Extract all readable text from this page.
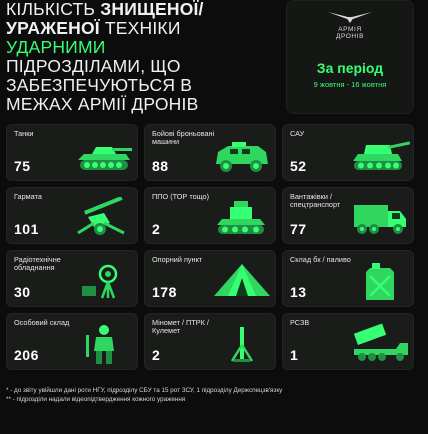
КІЛЬКІСТЬ ЗНИЩЕНОЇ/
УРАЖЕНОЇ ТЕХНІКИ
УДАРНИМИ
ПІДРОЗДІЛАМИ, ЩО
ЗАБЕЗПЕЧУЮТЬСЯ В
МЕЖАХ АРМІЇ ДРОНІВ
АРМІЯ
ДРОНІВ
За період
9 жовтня - 16 жовтня
Танки
75
Бойові броньовані машини
88
САУ
52
Гармата
101
ППО (ТОР тощо)
2
Вантажівки / спецтранспорт
77
Радіотехнічне обладнання
30
Опорний пункт
178
Склад бк / паливо
13
Особовий склад
206
Міномет / ПТРК /Кулемет
2
РСЗВ
1
* - до звіту увійшли дані роти НГУ, підрозділу СБУ та 15 рот ЗСУ, 1 підрозділу Держспецзв'язку
** - підрозділи надали відеопідтвердження кожного ураження
